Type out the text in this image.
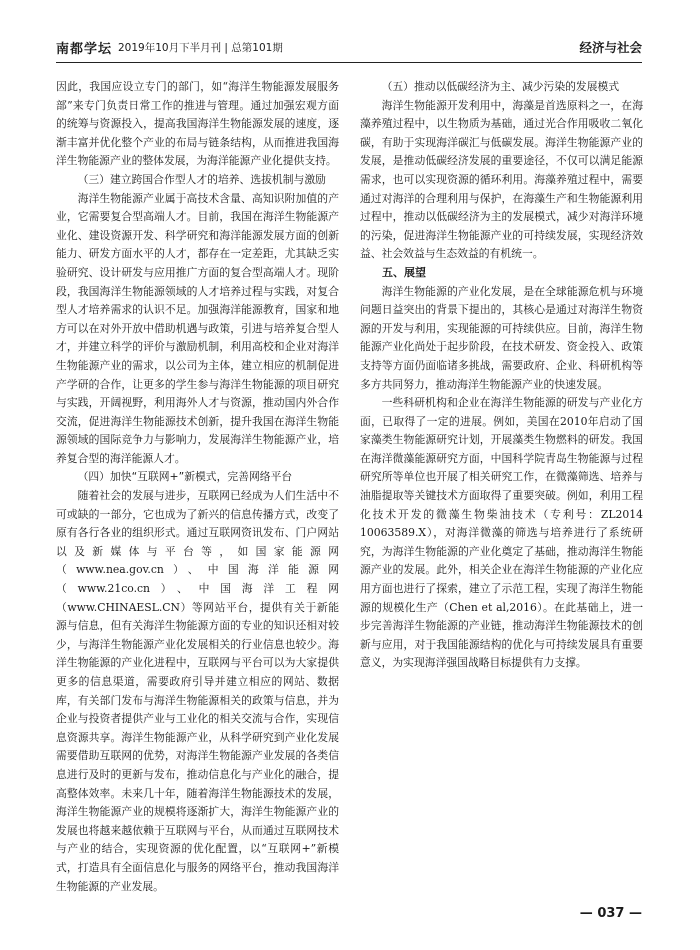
南都学坛 2019年10月下半月刊 | 总第101期	经济与社会

因此，我国应设立专门的部门，如“海洋生物能源发展服务部”来专门负责日常工作的推进与管理。通过加强宏观方面的统筹与资源投入，提高我国海洋生物能源发展的速度，逐渐丰富并优化整个产业的布局与链条结构，从而推进我国海洋生物能源产业的整体发展，为海洋能源产业化提供支持。

（三）建立跨国合作型人才的培养、选拔机制与激励

海洋生物能源产业属于高技术含量、高知识附加值的产业，它需要复合型高端人才。目前，我国在海洋生物能源产业化、建设资源开发、科学研究和海洋能源发展方面的创新能力、研发方面水平的人才，都存在一定差距，尤其缺乏实验研究、设计研发与应用推广方面的复合型高端人才。现阶段，我国海洋生物能源领域的人才培养过程与实践，对复合型人才培养需求的认识不足。加强海洋能源教育，国家和地方可以在对外开放中借助机遇与政策，引进与培养复合型人才，并建立科学的评价与激励机制，利用高校和企业对海洋生物能源产业的需求，以公司为主体，建立相应的机制促进产学研的合作，让更多的学生参与海洋生物能源的项目研究与实践，开阔视野，利用海外人才与资源，推动国内外合作交流，促进海洋生物能源技术创新，提升我国在海洋生物能源领域的国际竞争力与影响力，发展海洋生物能源产业，培养复合型的海洋能源人才。

（四）加快“互联网+”新模式，完善网络平台

随着社会的发展与进步，互联网已经成为人们生活中不可或缺的一部分，它也成为了新兴的信息传播方式，改变了原有各行各业的组织形式。通过互联网资讯发布、门户网站以及新媒体与平台等，如国家能源网（www.nea.gov.cn）、中国海洋能源网（www.21co.cn）、中国海洋工程网（www.CHINAESL.CN）等网站平台，提供有关于新能源与信息，但有关海洋生物能源方面的专业的知识还相对较少，与海洋生物能源产业化发展相关的行业信息也较少。海洋生物能源的产业化进程中，互联网与平台可以为大家提供更多的信息渠道，需要政府引导并建立相应的网站、数据库，有关部门发布与海洋生物能源相关的政策与信息，并为企业与投资者提供产业与工业化的相关交流与合作，实现信息资源共享。海洋生物能源产业，从科学研究到产业化发展需要借助互联网的优势，对海洋生物能源产业发展的各类信息进行及时的更新与发布，推动信息化与产业化的融合，提高整体效率。未来几十年，随着海洋生物能源技术的发展，海洋生物能源产业的规模将逐渐扩大，海洋生物能源产业的发展也将越来越依赖于互联网与平台，从而通过互联网技术与产业的结合，实现资源的优化配置，以“互联网+”新模式，打造具有全面信息化与服务的网络平台，推动我国海洋生物能源的产业发展。

（五）推动以低碳经济为主、减少污染的发展模式

海洋生物能源开发利用中，海藻是首选原料之一，在海藻养殖过程中，以生物质为基础，通过光合作用吸收二氧化碳，有助于实现海洋碳汇与低碳发展。海洋生物能源产业的发展，是推动低碳经济发展的重要途径，不仅可以满足能源需求，也可以实现资源的循环利用。海藻养殖过程中，需要通过对海洋的合理利用与保护，在海藻生产和生物能源利用过程中，推动以低碳经济为主的发展模式，减少对海洋环境的污染，促进海洋生物能源产业的可持续发展，实现经济效益、社会效益与生态效益的有机统一。

五、展望

海洋生物能源的产业化发展，是在全球能源危机与环境问题日益突出的背景下提出的，其核心是通过对海洋生物资源的开发与利用，实现能源的可持续供应。目前，海洋生物能源产业化尚处于起步阶段，在技术研发、资金投入、政策支持等方面仍面临诸多挑战，需要政府、企业、科研机构等多方共同努力，推动海洋生物能源产业的快速发展。

一些科研机构和企业在海洋生物能源的研发与产业化方面，已取得了一定的进展。例如，美国在2010年启动了国家藻类生物能源研究计划，开展藻类生物燃料的研发。我国在海洋微藻能源研究方面，中国科学院青岛生物能源与过程研究所等单位也开展了相关研究工作，在微藻筛选、培养与油脂提取等关键技术方面取得了重要突破。例如，利用工程化技术开发的微藻生物柴油技术（专利号：ZL2014 10063589.X），对海洋微藻的筛选与培养进行了系统研究，为海洋生物能源的产业化奠定了基础，推动海洋生物能源产业的发展。此外，相关企业在海洋生物能源的产业化应用方面也进行了探索，建立了示范工程，实现了海洋生物能源的规模化生产（Chen et al,2016）。在此基础上，进一步完善海洋生物能源的产业链，推动海洋生物能源技术的创新与应用，对于我国能源结构的优化与可持续发展具有重要意义，为实现海洋强国战略目标提供有力支撑。

— 037 —
